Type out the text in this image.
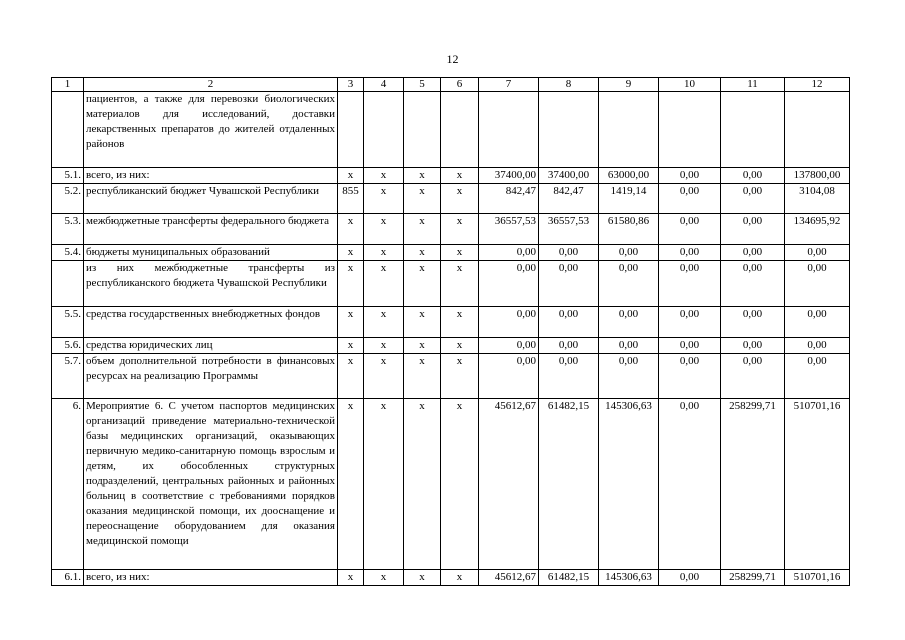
12
1	2	3	4	5	6	7	8	9	10	11	12
	пациентов, а также для перевозки биологических материалов для исследований, доставки лекарственных препаратов до жителей отдаленных районов										
5.1.	всего, из них:	х	х	х	х	37400,00	37400,00	63000,00	0,00	0,00	137800,00
5.2.	республиканский бюджет Чувашской Республики	855	х	х	х	842,47	842,47	1419,14	0,00	0,00	3104,08
5.3.	межбюджетные трансферты федерального бюджета	х	х	х	х	36557,53	36557,53	61580,86	0,00	0,00	134695,92
5.4.	бюджеты муниципальных образований	х	х	х	х	0,00	0,00	0,00	0,00	0,00	0,00
	из них межбюджетные трансферты из республиканского бюджета Чувашской Республики	х	х	х	х	0,00	0,00	0,00	0,00	0,00	0,00
5.5.	средства государственных внебюджетных фондов	х	х	х	х	0,00	0,00	0,00	0,00	0,00	0,00
5.6.	средства юридических лиц	х	х	х	х	0,00	0,00	0,00	0,00	0,00	0,00
5.7.	объем дополнительной потребности в финансовых ресурсах на реализацию Программы	х	х	х	х	0,00	0,00	0,00	0,00	0,00	0,00
6.	Мероприятие 6. С учетом паспортов медицинских организаций приведение материально-технической базы медицинских организаций, оказывающих первичную медико-санитарную помощь взрослым и детям, их обособленных структурных подразделений, центральных районных и районных больниц в соответствие с требованиями порядков оказания медицинской помощи, их дооснащение и переоснащение оборудованием для оказания медицинской помощи	х	х	х	х	45612,67	61482,15	145306,63	0,00	258299,71	510701,16
6.1.	всего, из них:	х	х	х	х	45612,67	61482,15	145306,63	0,00	258299,71	510701,16
